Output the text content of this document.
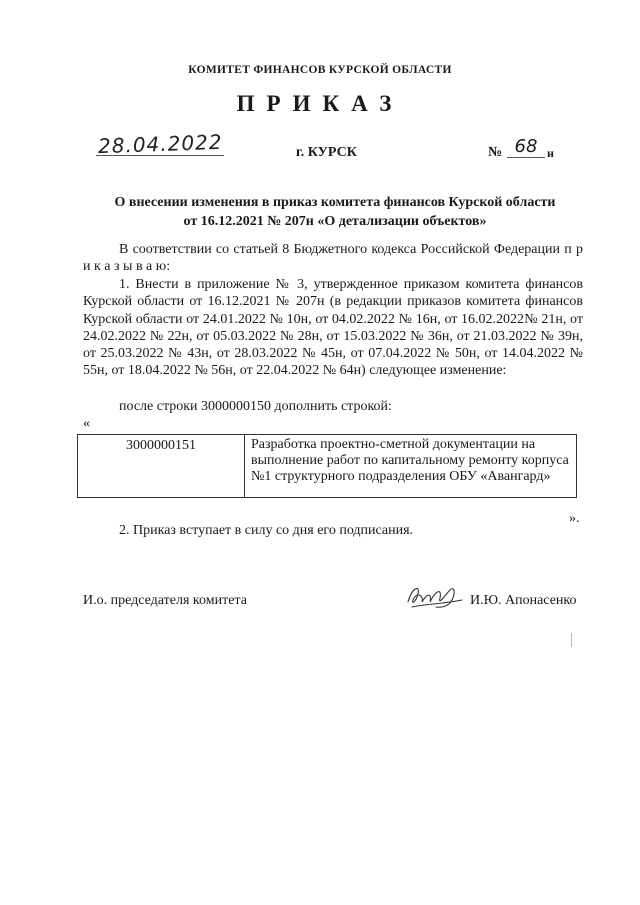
КОМИТЕТ ФИНАНСОВ КУРСКОЙ ОБЛАСТИ
ПРИКАЗ
28.04.2022	г. КУРСК	№ 68 н
О внесении изменения в приказ комитета финансов Курской области
от 16.12.2021 № 207н «О детализации объектов»
В соответствии со статьей 8 Бюджетного кодекса Российской Федерации п р и к а з ы в а ю:
1. Внести в приложение № 3, утвержденное приказом комитета финансов Курской области от 16.12.2021 № 207н (в редакции приказов комитета финансов Курской области от 24.01.2022 № 10н, от 04.02.2022 № 16н, от 16.02.2022№ 21н, от 24.02.2022 № 22н, от 05.03.2022 № 28н, от 15.03.2022 № 36н, от 21.03.2022 № 39н, от 25.03.2022 № 43н, от 28.03.2022 № 45н, от 07.04.2022 № 50н, от 14.04.2022 № 55н, от 18.04.2022 № 56н, от 22.04.2022 № 64н) следующее изменение:
после строки 3000000150 дополнить строкой:
«
3000000151	Разработка проектно-сметной документации на выполнение работ по капитальному ремонту корпуса №1 структурного подразделения ОБУ «Авангард»
».
2. Приказ вступает в силу со дня его подписания.
И.о. председателя комитета	И.Ю. Апонасенко
